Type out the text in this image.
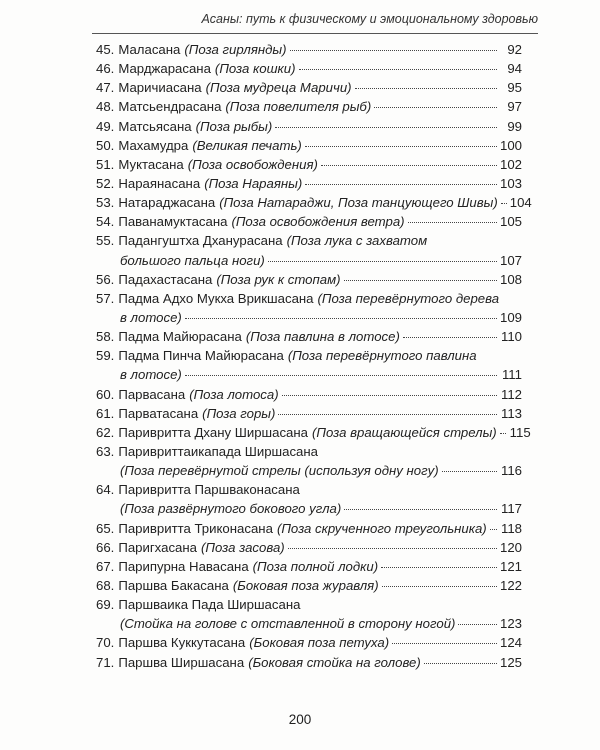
Асаны: путь к физическому и эмоциональному здоровью
45. Маласана (Поза гирлянды)	92
46. Марджарасана (Поза кошки)	94
47. Маричиасана (Поза мудреца Маричи)	95
48. Матсьендрасана (Поза повелителя рыб)	97
49. Матсьясана (Поза рыбы)	99
50. Махамудра (Великая печать)	100
51. Муктасана (Поза освобождения)	102
52. Нараянасана (Поза Нараяны)	103
53. Натараджасана (Поза Натараджи, Поза танцующего Шивы) 104
54. Паванамуктасана (Поза освобождения ветра)	105
55. Падангуштха Дханурасана (Поза лука с захватом
большого пальца ноги)	107
56. Падахастасана (Поза рук к стопам)	108
57. Падма Адхо Мукха Врикшасана (Поза перевёрнутого дерева
в лотосе)	109
58. Падма Майюрасана (Поза павлина в лотосе)	110
59. Падма Пинча Майюрасана (Поза перевёрнутого павлина
в лотосе)	111
60. Парвасана (Поза лотоса)	112
61. Парватасана (Поза горы)	113
62. Паривритта Дхану Ширшасана (Поза вращающейся стрелы) 115
63. Паривриттаикапада Ширшасана
(Поза перевёрнутой стрелы (используя одну ногу)	116
64. Паривритта Паршваконасана
(Поза развёрнутого бокового угла)	117
65. Паривритта Триконасана (Поза скрученного треугольника) 118
66. Паригхасана (Поза засова)	120
67. Парипурна Навасана (Поза полной лодки)	121
68. Паршва Бакасана (Боковая поза журавля)	122
69. Паршваика Пада Ширшасана
(Стойка на голове с отставленной в сторону ногой)	123
70. Паршва Куккутасана (Боковая поза петуха)	124
71. Паршва Ширшасана (Боковая стойка на голове)	125
200
